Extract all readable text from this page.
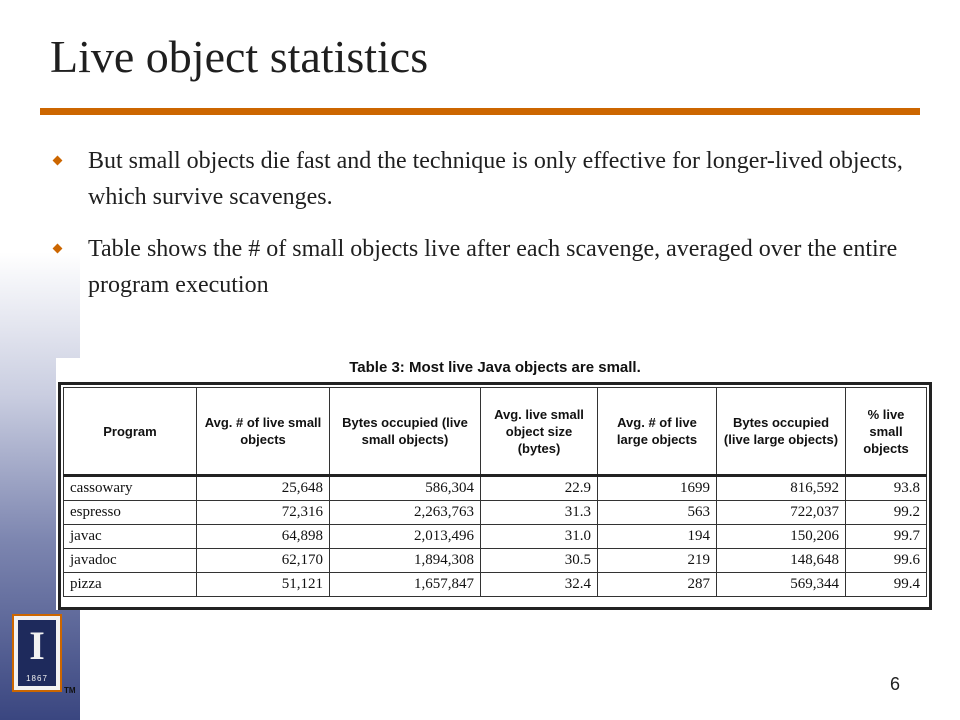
Live object statistics
But small objects die fast and the technique is only effective for longer-lived objects, which survive scavenges.
Table shows the # of small objects live after each scavenge, averaged over the entire program execution
Table 3: Most live Java objects are small.
Program	Avg. # of live small objects	Bytes occupied (live small objects)	Avg. live small object size (bytes)	Avg. # of live large objects	Bytes occupied (live large objects)	% live small objects
cassowary	25,648	586,304	22.9	1699	816,592	93.8
espresso	72,316	2,263,763	31.3	563	722,037	99.2
javac	64,898	2,013,496	31.0	194	150,206	99.7
javadoc	62,170	1,894,308	30.5	219	148,648	99.6
pizza	51,121	1,657,847	32.4	287	569,344	99.4
I
1867
TM	6
